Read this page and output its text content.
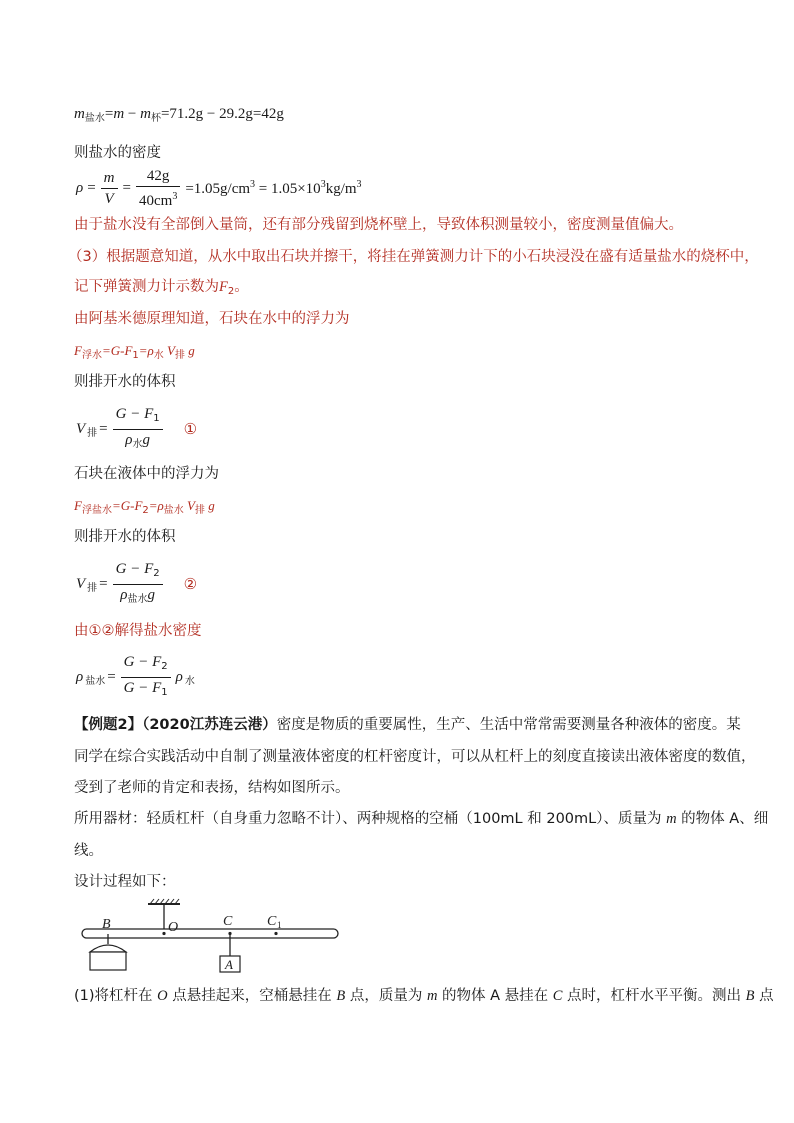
$m_{盐水}=m - m_杯=71.2g - 29.2g=42g$
则盐水的密度
$\rho = \frac{m}{V} = \frac{42g}{40cm^3} =1.05g/cm^3 = 1.05\times 10^3kg/m^3$
由于盐水没有全部倒入量筒，还有部分残留到烧杯壁上，导致体积测量较小，密度测量值偏大。
（3）根据题意知道，从水中取出石块并擦干，将挂在弹簧测力计下的小石块浸没在盛有适量盐水的烧杯中，
记下弹簧测力计示数为$F_2$。
由阿基米德原理知道，石块在水中的浮力为
$F_{浮水}=G-F_1=\rho_水$ $V_排$ g
则排开水的体积
V $_排 = \frac{G - F_1}{\rho_水g}$ ①
石块在液体中的浮力为
$F_{浮盐水}=G-F_2=\rho_{盐水}$ $V_排$ g
则排开水的体积
V $_排 = \frac{G - F_2}{\rho_{盐水}g}$ ②
由①②解得盐水密度
ρ $_{盐水} = \frac{G - F_2}{G - F_1}$ ρ $_水$
【例题2】（2020江苏连云港）密度是物质的重要属性，生产、生活中常常需要测量各种液体的密度。某
同学在综合实践活动中自制了测量液体密度的杠杆密度计，可以从杠杆上的刻度直接读出液体密度的数值，
受到了老师的肯定和表扬，结构如图所示。
所用器材：轻质杠杆（自身重力忽略不计）、两种规格的空桶（100mL 和 200mL）、质量为 m 的物体 A、细
线。
设计过程如下：
B	O	C C 1
A
(1)将杠杆在 O 点悬挂起来，空桶悬挂在 B 点，质量为 m 的物体 A 悬挂在 C 点时，杠杆水平平衡。测出 B 点
